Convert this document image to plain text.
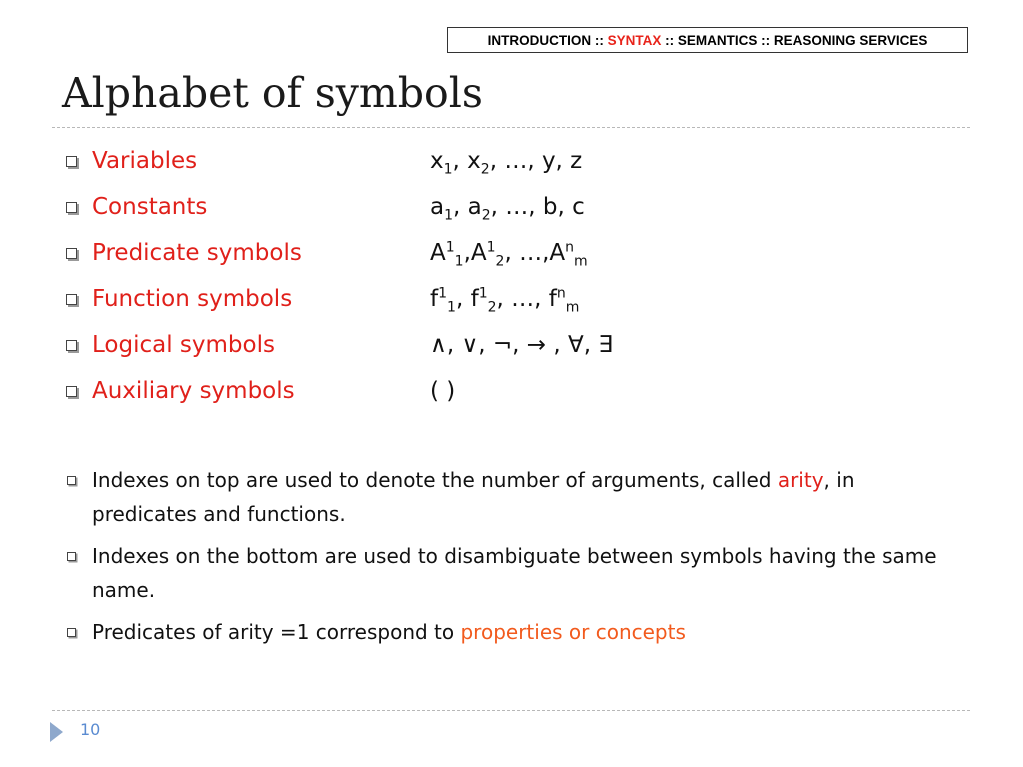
INTRODUCTION :: SYNTAX :: SEMANTICS :: REASONING SERVICES
Alphabet of symbols
Variables	$x_1$, $x_2$, …, y, z
Constants	$a_1$, $a_2$, …, b, c
Predicate symbols	$A^1_1,A^1_2$, $\dots,A^n_m$
Function symbols	$f^1_1$, $f^1_2$, …, $f^n_m$
Logical symbols	∧, ∨, ¬, → , ∀, ∃
Auxiliary symbols	( )

Indexes on top are used to denote the number of arguments, called arity, in predicates and functions.

Indexes on the bottom are used to disambiguate between symbols having the same name.

Predicates of arity =1 correspond to properties or concepts

10
